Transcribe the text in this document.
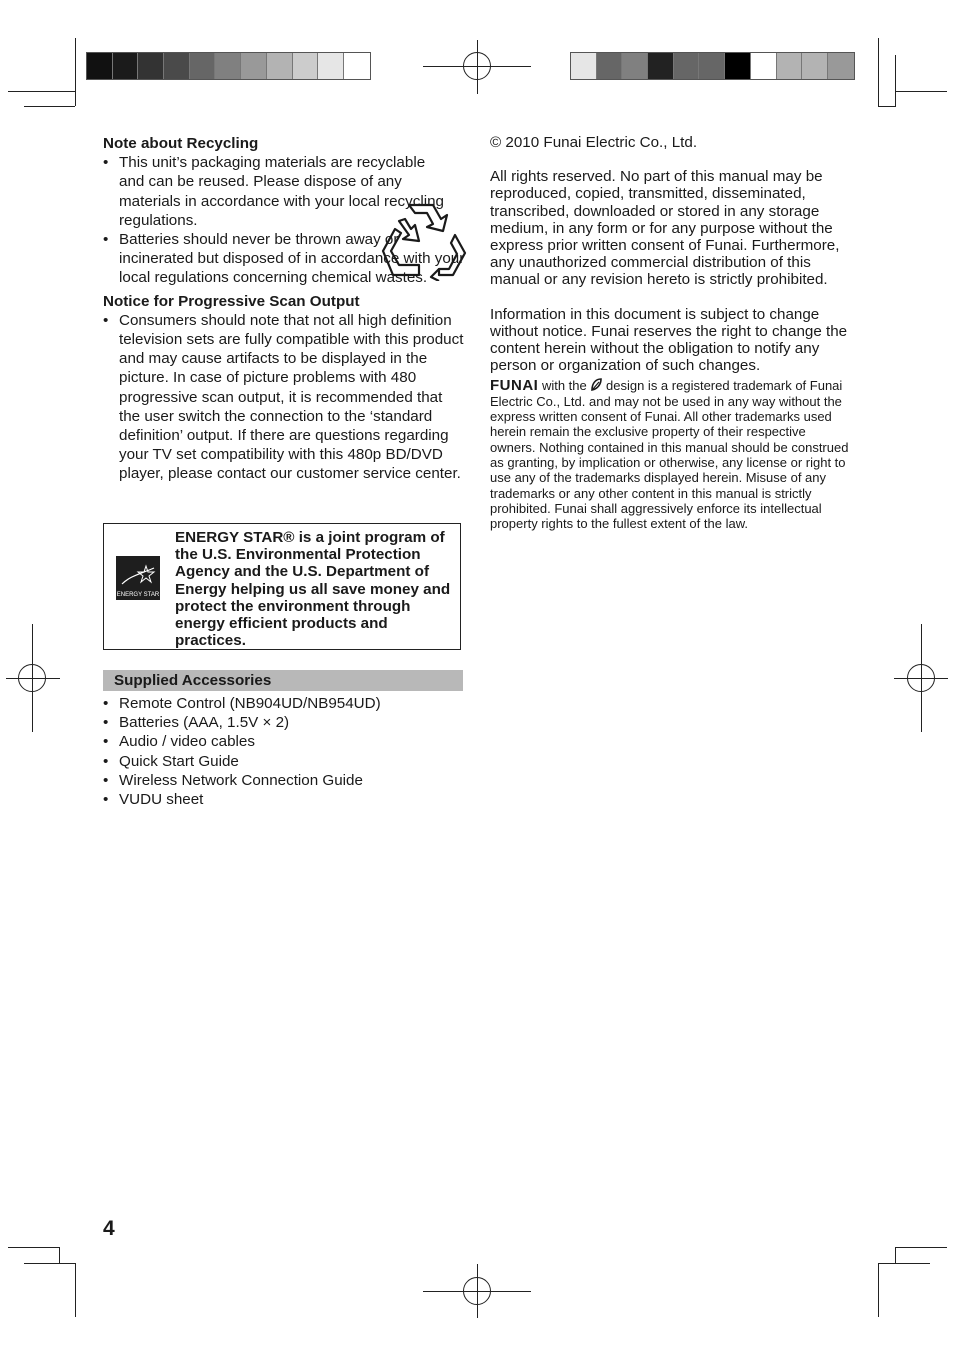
Note about Recycling

• This unit’s packaging materials are recyclable and can be reused. Please dispose of any materials in accordance with your local recycling regulations.
• Batteries should never be thrown away or incinerated but disposed of in accordance with your local regulations concerning chemical wastes.

Notice for Progressive Scan Output

• Consumers should note that not all high definition television sets are fully compatible with this product and may cause artifacts to be displayed in the picture. In case of picture problems with 480 progressive scan output, it is recommended that the user switch the connection to the ‘standard definition’ output. If there are questions regarding your TV set compatibility with this 480p BD/DVD player, please contact our customer service center.
ENERGY STAR
ENERGY STAR® is a joint program of the U.S. Environmental Protection Agency and the U.S. Department of Energy helping us all save money and protect the environment through energy efficient products and practices.
Supplied Accessories
• Remote Control (NB904UD/NB954UD)
• Batteries (AAA, 1.5V × 2)
• Audio / video cables
• Quick Start Guide
• Wireless Network Connection Guide
• VUDU sheet

© 2010 Funai Electric Co., Ltd.

All rights reserved. No part of this manual may be reproduced, copied, transmitted, disseminated, transcribed, downloaded or stored in any storage medium, in any form or for any purpose without the express prior written consent of Funai. Furthermore, any unauthorized commercial distribution of this manual or any revision hereto is strictly prohibited.

Information in this document is subject to change without notice. Funai reserves the right to change the content herein without the obligation to notify any person or organization of such changes.

FUNAI with the design is a registered trademark of Funai Electric Co., Ltd. and may not be used in any way without the express written consent of Funai. All other trademarks used herein remain the exclusive property of their respective owners. Nothing contained in this manual should be construed as granting, by implication or otherwise, any license or right to use any of the trademarks displayed herein. Misuse of any trademarks or any other content in this manual is strictly prohibited. Funai shall aggressively enforce its intellectual property rights to the fullest extent of the law.

4
